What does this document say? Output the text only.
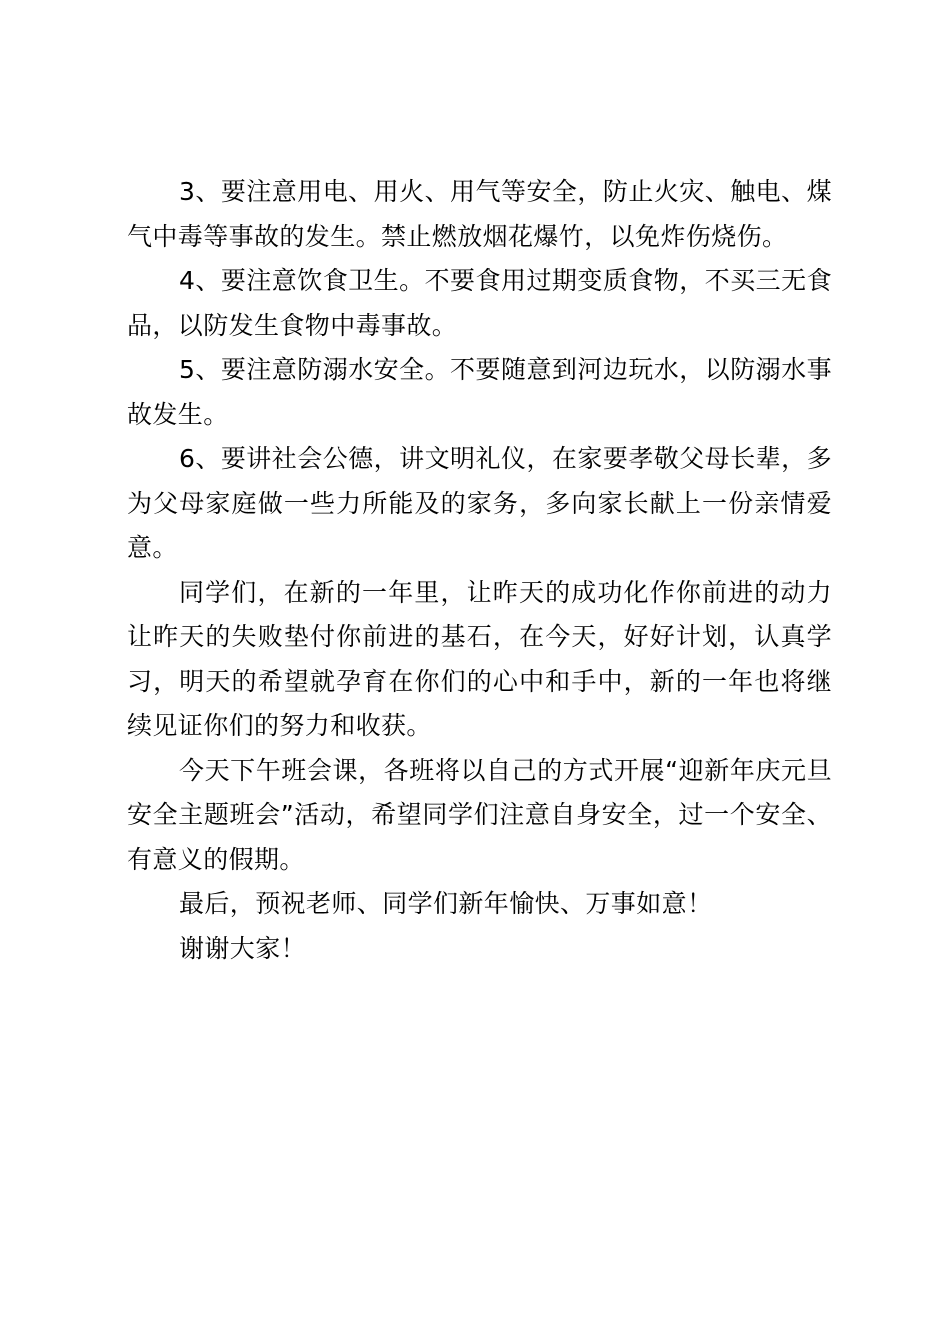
3、要注意用电、用火、用气等安全，防止火灾、触电、煤气中毒等事故的发生。禁止燃放烟花爆竹，以免炸伤烧伤。

4、要注意饮食卫生。不要食用过期变质食物，不买三无食品，以防发生食物中毒事故。

5、要注意防溺水安全。不要随意到河边玩水，以防溺水事故发生。

6、要讲社会公德，讲文明礼仪，在家要孝敬父母长辈，多为父母家庭做一些力所能及的家务，多向家长献上一份亲情爱意。

同学们，在新的一年里，让昨天的成功化作你前进的动力让昨天的失败垫付你前进的基石，在今天，好好计划，认真学习，明天的希望就孕育在你们的心中和手中，新的一年也将继续见证你们的努力和收获。

今天下午班会课，各班将以自己的方式开展“迎新年庆元旦安全主题班会”活动，希望同学们注意自身安全，过一个安全、有意义的假期。

最后，预祝老师、同学们新年愉快、万事如意！

谢谢大家！
